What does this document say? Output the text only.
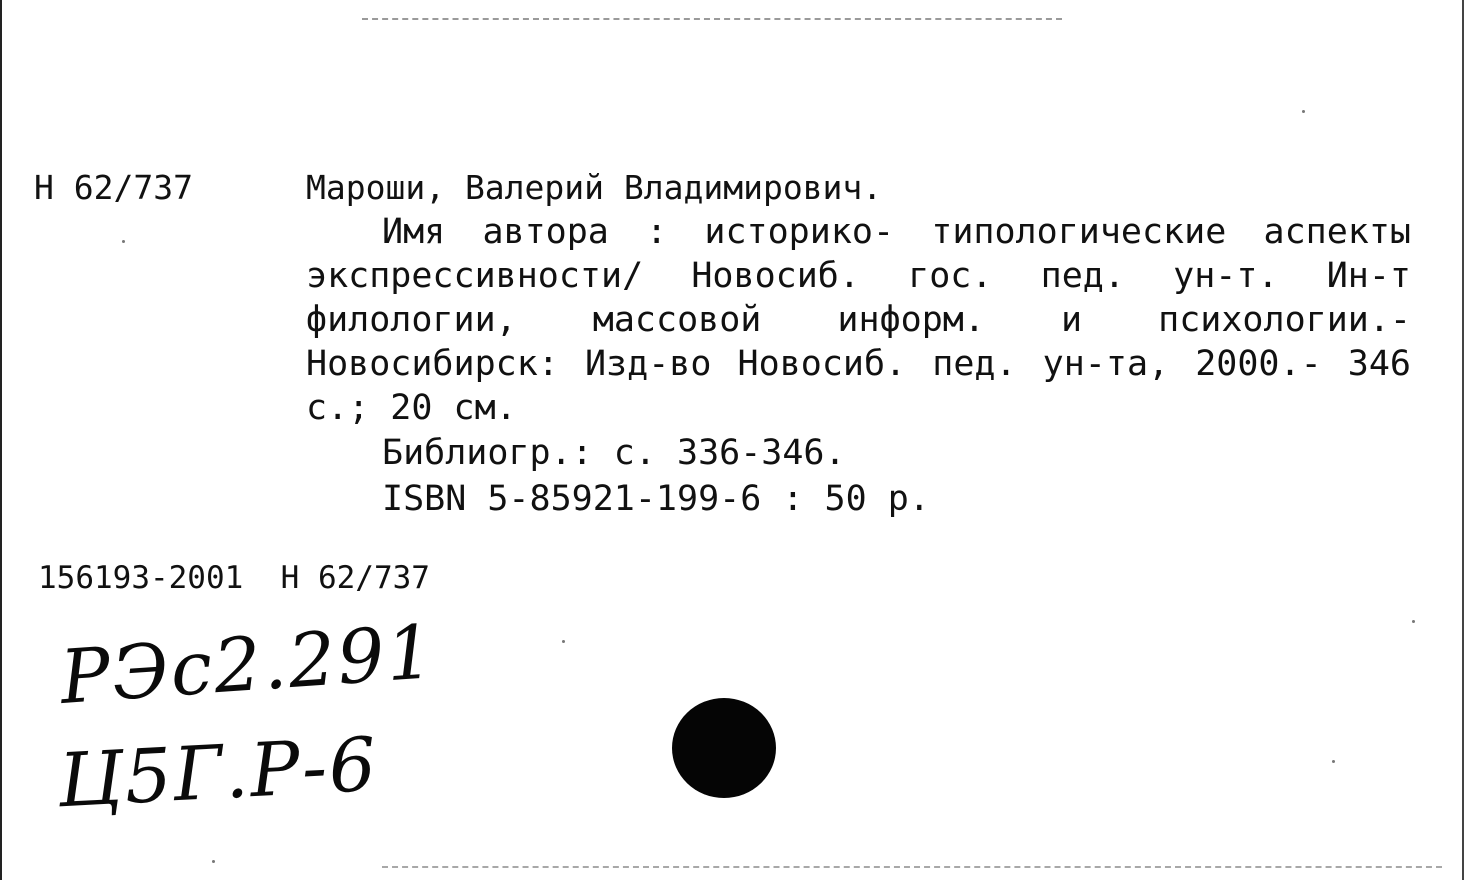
Н 62/737	Мароши, Валерий Владимирович.
Имя автора : историко- типологические аспекты экспрессивности/ Новосиб. гос. пед. ун-т. Ин-т филологии, массовой информ. и психологии.- Новосибирск: Изд-во Новосиб. пед. ун-та, 2000.- 346 с.; 20 см.
Библиогр.: с. 336-346.
ISBN 5-85921-199-6 : 50 р.
156193-2001  Н 62/737
РЭс2.291
Ц5Г.Р-6
